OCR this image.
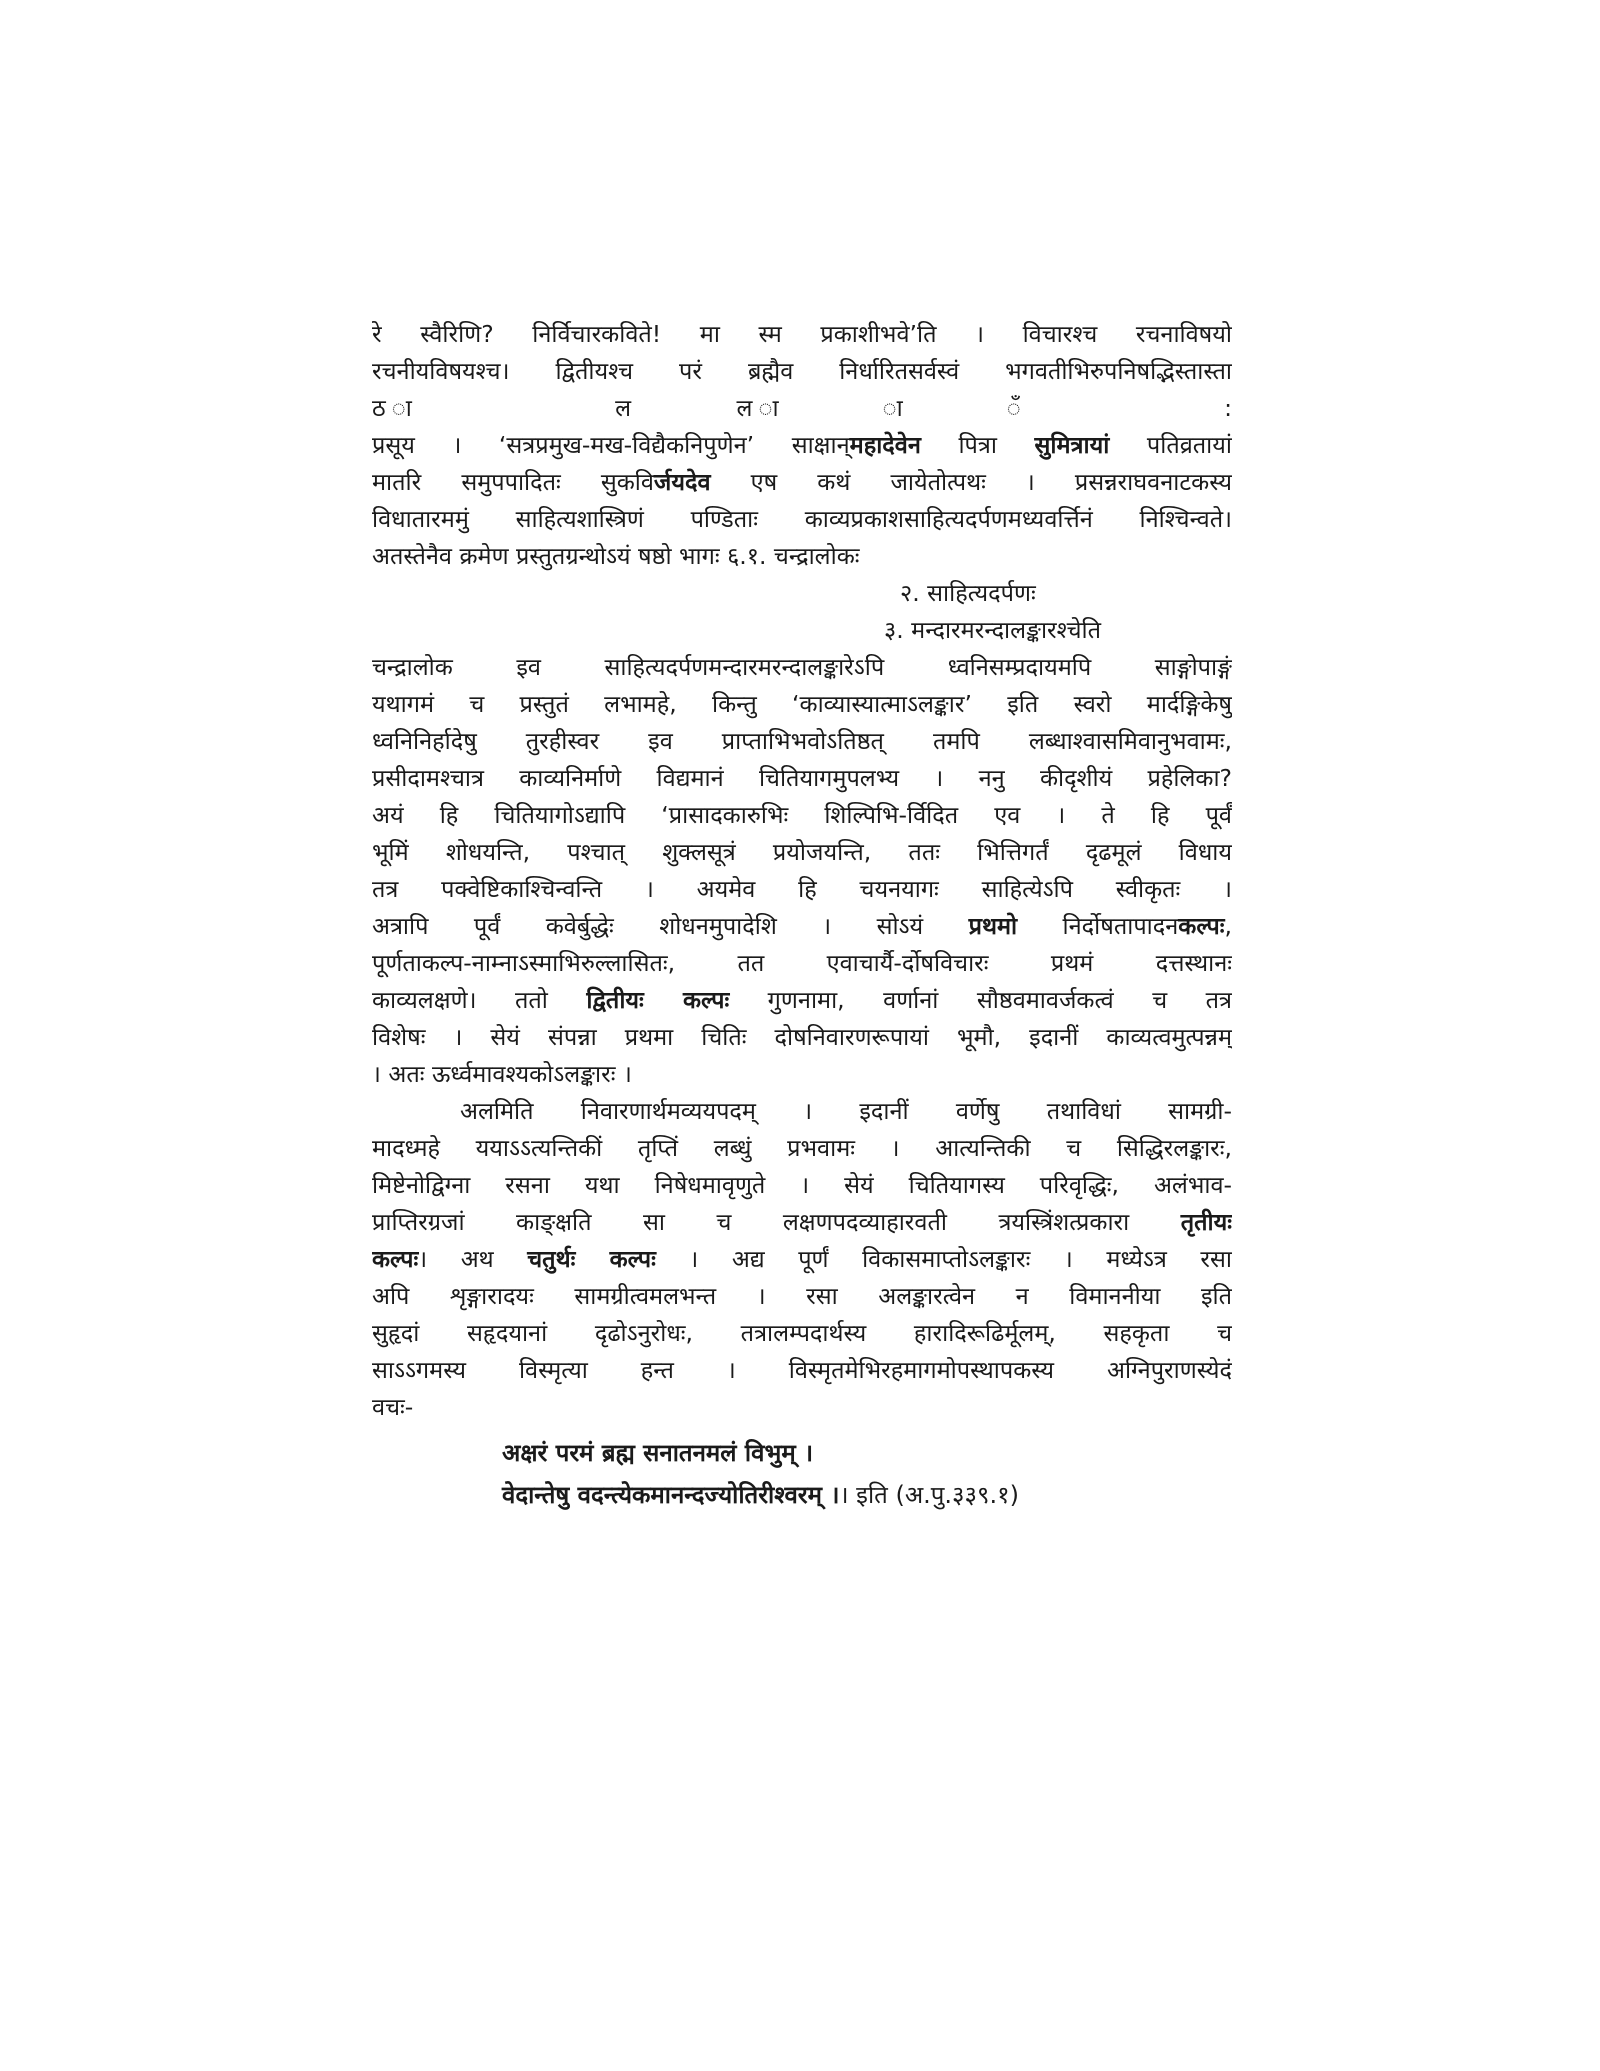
रे स्वैरिणि? निर्विचारकविते! मा स्म प्रकाशीभवे’ति । विचारश्च रचनाविषयो
रचनीयविषयश्च। द्वितीयश्च परं ब्रह्मैव निर्धारितसर्वस्वं भगवतीभिरुपनिषद्भिस्तास्ता
ठ ा ल ल ा ा ँ :
प्रसूय । ‘सत्रप्रमुख-मख-विद्यैकनिपुणेन’ साक्षान्महादेवेन पित्रा सुमित्रायां पतिव्रतायां
मातरि समुपपादितः सुकविर्जयदेव एष कथं जायेतोत्पथः । प्रसन्नराघवनाटकस्य
विधातारममुं साहित्यशास्त्रिणं पण्डिताः काव्यप्रकाशसाहित्यदर्पणमध्यवर्त्तिनं निश्चिन्वते।
अतस्तेनैव क्रमेण प्रस्तुतग्रन्थोऽयं षष्ठो भागः ६.१. चन्द्रालोकः
२. साहित्यदर्पणः
३. मन्दारमरन्दालङ्कारश्चेति
चन्द्रालोक इव साहित्यदर्पणमन्दारमरन्दालङ्कारेऽपि ध्वनिसम्प्रदायमपि साङ्गोपाङ्गं
यथागमं च प्रस्तुतं लभामहे, किन्तु ‘काव्यास्यात्माऽलङ्कार’ इति स्वरो मार्दङ्गिकेषु
ध्वनिनिर्हादेषु तुरहीस्वर इव प्राप्ताभिभवोऽतिष्ठत् तमपि लब्धाश्वासमिवानुभवामः,
प्रसीदामश्चात्र काव्यनिर्माणे विद्यमानं चितियागमुपलभ्य । ननु कीदृशीयं प्रहेलिका?
अयं हि चितियागोऽद्यापि ‘प्रासादकारुभिः शिल्पिभि-र्विदित एव । ते हि पूर्वं
भूमिं शोधयन्ति, पश्चात् शुक्लसूत्रं प्रयोजयन्ति, ततः भित्तिगर्तं दृढमूलं विधाय
तत्र पक्वेष्टिकाश्चिन्वन्ति । अयमेव हि चयनयागः साहित्येऽपि स्वीकृतः ।
अत्रापि पूर्वं कवेर्बुद्धेः शोधनमुपादेशि । सोऽयं प्रथमो निर्दोषतापादनकल्पः,
पूर्णताकल्प-नाम्नाऽस्माभिरुल्लासितः, तत एवाचार्यै-र्दोषविचारः प्रथमं दत्तस्थानः
काव्यलक्षणे। ततो द्वितीयः कल्पः गुणनामा, वर्णानां सौष्ठवमावर्जकत्वं च तत्र
विशेषः । सेयं संपन्ना प्रथमा चितिः दोषनिवारणरूपायां भूमौ, इदानीं काव्यत्वमुत्पन्नम्
। अतः ऊर्ध्वमावश्यकोऽलङ्कारः ।
अलमिति निवारणार्थमव्ययपदम् । इदानीं वर्णेषु तथाविधां सामग्री-
मादध्महे ययाऽऽत्यन्तिकीं तृप्तिं लब्धुं प्रभवामः । आत्यन्तिकी च सिद्धिरलङ्कारः,
मिष्टेनोद्विग्ना रसना यथा निषेधमावृणुते । सेयं चितियागस्य परिवृद्धिः, अलंभाव-
प्राप्तिरग्रजां काङ्क्षति सा च लक्षणपदव्याहारवती त्रयस्त्रिंशत्प्रकारा तृतीयः
कल्पः। अथ चतुर्थः कल्पः । अद्य पूर्णं विकासमाप्तोऽलङ्कारः । मध्येऽत्र रसा
अपि शृङ्गारादयः सामग्रीत्वमलभन्त । रसा अलङ्कारत्वेन न विमाननीया इति
सुहृदां सहृदयानां दृढोऽनुरोधः, तत्रालम्पदार्थस्य हारादिरूढिर्मूलम्, सहकृता च
साऽऽगमस्य विस्मृत्या हन्त । विस्मृतमेभिरहमागमोपस्थापकस्य अग्निपुराणस्येदं
वचः-
अक्षरं परमं ब्रह्म सनातनमलं विभुम् ।
वेदान्तेषु वदन्त्येकमानन्दज्योतिरीश्वरम् ।। इति (अ.पु.३३९.१)
